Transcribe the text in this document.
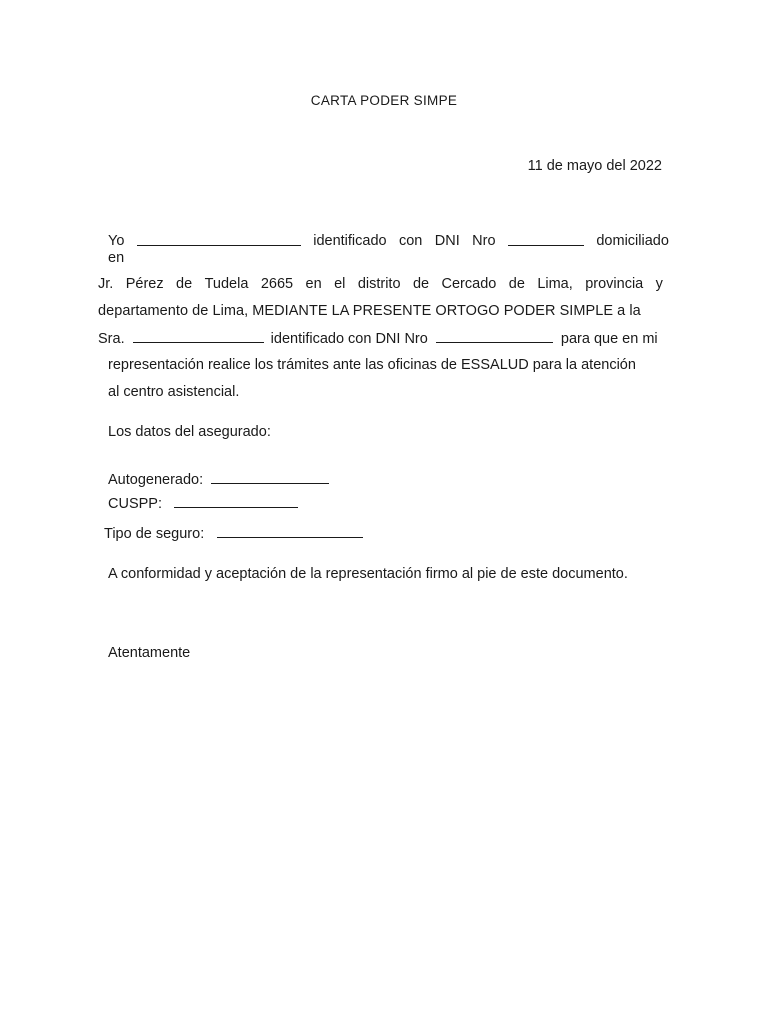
CARTA PODER SIMPE
11 de mayo del 2022
Yo	identificado con DNI Nro	domiciliado
en
Jr. Pérez de Tudela 2665 en el distrito de Cercado de Lima, provincia y
departamento de Lima, MEDIANTE LA PRESENTE ORTOGO PODER SIMPLE a la
Sra.	identificado con DNI Nro	para que en mi
representación realice los trámites ante las oficinas de ESSALUD para la atención
al centro asistencial.
Los datos del asegurado:
Autogenerado:
CUSPP:
Tipo de seguro:
A conformidad y aceptación de la representación firmo al pie de este documento.
Atentamente
